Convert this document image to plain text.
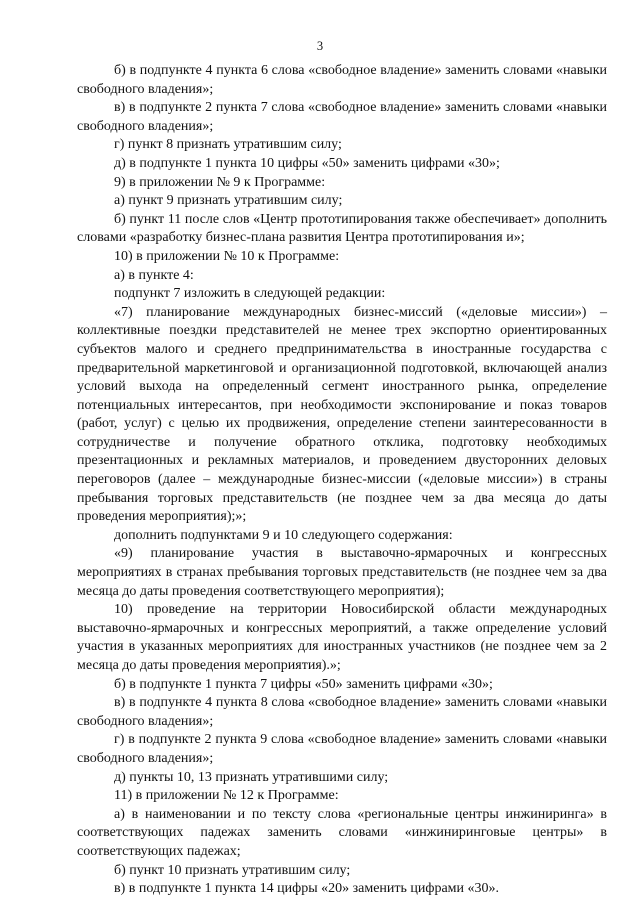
3

б) в подпункте 4 пункта 6 слова «свободное владение» заменить словами «навыки свободного владения»;

в) в подпункте 2 пункта 7 слова «свободное владение» заменить словами «навыки свободного владения»;

г) пункт 8 признать утратившим силу;

д) в подпункте 1 пункта 10 цифры «50» заменить цифрами «30»;

9) в приложении № 9 к Программе:

а) пункт 9 признать утратившим силу;

б) пункт 11 после слов «Центр прототипирования также обеспечивает» дополнить словами «разработку бизнес-плана развития Центра прототипирования и»;

10) в приложении № 10 к Программе:

а) в пункте 4:

подпункт 7 изложить в следующей редакции:

«7) планирование международных бизнес-миссий («деловые миссии») – коллективные поездки представителей не менее трех экспортно ориентированных субъектов малого и среднего предпринимательства в иностранные государства с предварительной маркетинговой и организационной подготовкой, включающей анализ условий выхода на определенный сегмент иностранного рынка, определение потенциальных интересантов, при необходимости экспонирование и показ товаров (работ, услуг) с целью их продвижения, определение степени заинтересованности в сотрудничестве и получение обратного отклика, подготовку необходимых презентационных и рекламных материалов, и проведением двусторонних деловых переговоров (далее – международные бизнес-миссии («деловые миссии») в страны пребывания торговых представительств (не позднее чем за два месяца до даты проведения мероприятия);»;

дополнить подпунктами 9 и 10 следующего содержания:

«9) планирование участия в выставочно-ярмарочных и конгрессных мероприятиях в странах пребывания торговых представительств (не позднее чем за два месяца до даты проведения соответствующего мероприятия);

10) проведение на территории Новосибирской области международных выставочно-ярмарочных и конгрессных мероприятий, а также определение условий участия в указанных мероприятиях для иностранных участников (не позднее чем за 2 месяца до даты проведения мероприятия).»;

б) в подпункте 1 пункта 7 цифры «50» заменить цифрами «30»;

в) в подпункте 4 пункта 8 слова «свободное владение» заменить словами «навыки свободного владения»;

г) в подпункте 2 пункта 9 слова «свободное владение» заменить словами «навыки свободного владения»;

д) пункты 10, 13 признать утратившими силу;

11) в приложении № 12 к Программе:

а) в наименовании и по тексту слова «региональные центры инжиниринга» в соответствующих падежах заменить словами «инжиниринговые центры» в соответствующих падежах;

б) пункт 10 признать утратившим силу;

в) в подпункте 1 пункта 14 цифры «20» заменить цифрами «30».
